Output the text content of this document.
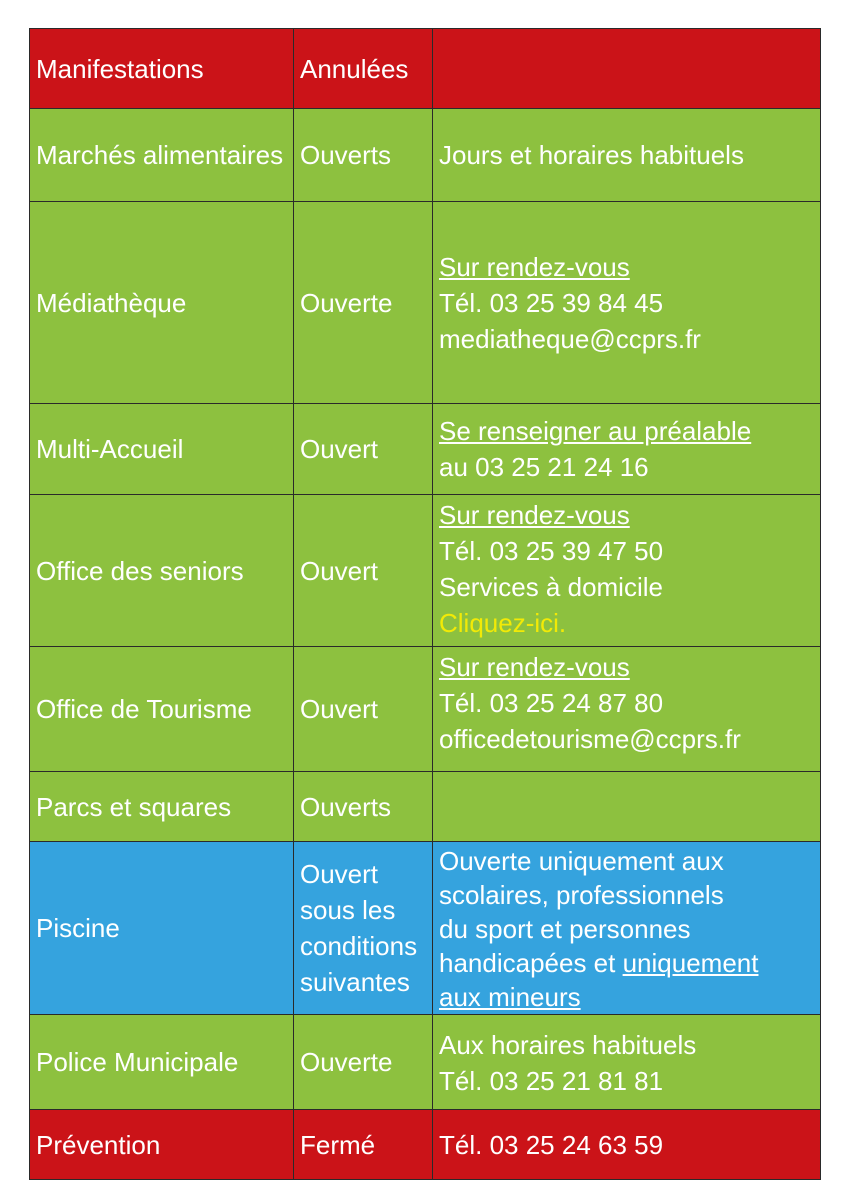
Manifestations	Annulées	
Marchés alimentaires	Ouverts	Jours et horaires habituels
Médiathèque	Ouverte	Sur rendez-vous
Tél. 03 25 39 84 45
mediatheque@ccprs.fr

Multi-Accueil	Ouvert	Se renseigner au préalable
au 03 25 21 24 16

Office des seniors	Ouvert	Sur rendez-vous
Tél. 03 25 39 47 50
Services à domicile
Cliquez-ici.

Office de Tourisme	Ouvert	Sur rendez-vous
Tél. 03 25 24 87 80
officedetourisme@ccprs.fr

Parcs et squares	Ouverts	
Piscine	Ouvert
sous les
conditions
suivantes	Ouverte uniquement aux
scolaires, professionnels
du sport et personnes
handicapées et uniquement
aux mineurs

Police Municipale	Ouverte	Aux horaires habituels
Tél. 03 25 21 81 81

Prévention	Fermé	Tél. 03 25 24 63 59
